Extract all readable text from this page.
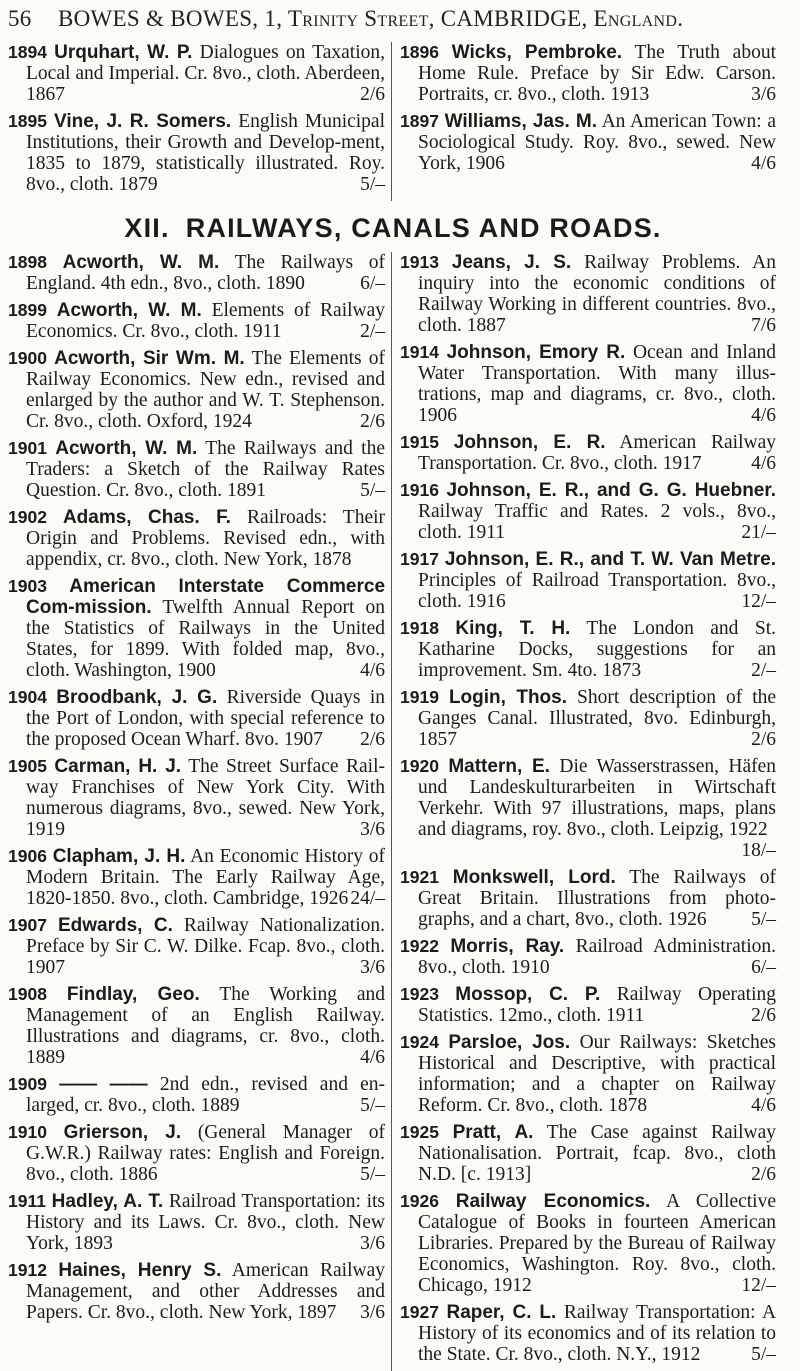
56	BOWES & BOWES, 1, Trinity Street, CAMBRIDGE, England.
1894 Urquhart, W. P. Dialogues on Taxation, Local and Imperial. Cr. 8vo., cloth. Aberdeen, 1867	2/6
1895 Vine, J. R. Somers. English Municipal Institutions, their Growth and Develop-ment, 1835 to 1879, statistically illustrated. Roy. 8vo., cloth. 1879	5/–
1896 Wicks, Pembroke. The Truth about Home Rule. Preface by Sir Edw. Carson. Portraits, cr. 8vo., cloth. 1913	3/6
1897 Williams, Jas. M. An American Town: a Sociological Study. Roy. 8vo., sewed. New York, 1906	4/6
XII. RAILWAYS, CANALS AND ROADS.
1898 Acworth, W. M. The Railways of England. 4th edn., 8vo., cloth. 1890	6/–
1899 Acworth, W. M. Elements of Railway Economics. Cr. 8vo., cloth. 1911	2/–
1900 Acworth, Sir Wm. M. The Elements of Railway Economics. New edn., revised and enlarged by the author and W. T. Stephenson. Cr. 8vo., cloth. Oxford, 1924	2/6
1901 Acworth, W. M. The Railways and the Traders: a Sketch of the Railway Rates Question. Cr. 8vo., cloth. 1891	5/–
1902 Adams, Chas. F. Railroads: Their Origin and Problems. Revised edn., with appendix, cr. 8vo., cloth. New York, 1878
1903 American Interstate Commerce Com-mission. Twelfth Annual Report on the Statistics of Railways in the United States, for 1899. With folded map, 8vo., cloth. Washington, 1900	4/6
1904 Broodbank, J. G. Riverside Quays in the Port of London, with special reference to the proposed Ocean Wharf. 8vo. 1907 2/6
1905 Carman, H. J. The Street Surface Rail-way Franchises of New York City. With numerous diagrams, 8vo., sewed. New York, 1919	3/6
1906 Clapham, J. H. An Economic History of Modern Britain. The Early Railway Age, 1820-1850. 8vo., cloth. Cambridge, 1926 24/–
1907 Edwards, C. Railway Nationalization. Preface by Sir C. W. Dilke. Fcap. 8vo., cloth. 1907	3/6
1908 Findlay, Geo. The Working and Management of an English Railway. Illustrations and diagrams, cr. 8vo., cloth. 1889	4/6
1909 —— —— 2nd edn., revised and en-larged, cr. 8vo., cloth. 1889	5/–
1910 Grierson, J. (General Manager of G.W.R.) Railway rates: English and Foreign. 8vo., cloth. 1886	5/–
1911 Hadley, A. T. Railroad Transportation: its History and its Laws. Cr. 8vo., cloth. New York, 1893	3/6
1912 Haines, Henry S. American Railway Management, and other Addresses and Papers. Cr. 8vo., cloth. New York, 1897 3/6
1913 Jeans, J. S. Railway Problems. An inquiry into the economic conditions of Railway Working in different countries. 8vo., cloth. 1887	7/6
1914 Johnson, Emory R. Ocean and Inland Water Transportation. With many illus-trations, map and diagrams, cr. 8vo., cloth. 1906	4/6
1915 Johnson, E. R. American Railway Transportation. Cr. 8vo., cloth. 1917	4/6
1916 Johnson, E. R., and G. G. Huebner. Railway Traffic and Rates. 2 vols., 8vo., cloth. 1911	21/–
1917 Johnson, E. R., and T. W. Van Metre. Principles of Railroad Transportation. 8vo., cloth. 1916	12/–
1918 King, T. H. The London and St. Katharine Docks, suggestions for an improvement. Sm. 4to. 1873	2/–
1919 Login, Thos. Short description of the Ganges Canal. Illustrated, 8vo. Edinburgh, 1857	2/6
1920 Mattern, E. Die Wasserstrassen, Häfen und Landeskulturarbeiten in Wirtschaft Verkehr. With 97 illustrations, maps, plans and diagrams, roy. 8vo., cloth. Leipzig, 1922
18/–
1921 Monkswell, Lord. The Railways of Great Britain. Illustrations from photo-graphs, and a chart, 8vo., cloth. 1926 5/–
1922 Morris, Ray. Railroad Administration. 8vo., cloth. 1910	6/–
1923 Mossop, C. P. Railway Operating Statistics. 12mo., cloth. 1911	2/6
1924 Parsloe, Jos. Our Railways: Sketches Historical and Descriptive, with practical information; and a chapter on Railway Reform. Cr. 8vo., cloth. 1878	4/6
1925 Pratt, A. The Case against Railway Nationalisation. Portrait, fcap. 8vo., cloth N.D. [c. 1913]	2/6
1926 Railway Economics. A Collective Catalogue of Books in fourteen American Libraries. Prepared by the Bureau of Railway Economics, Washington. Roy. 8vo., cloth. Chicago, 1912	12/–
1927 Raper, C. L. Railway Transportation: A History of its economics and of its relation to the State. Cr. 8vo., cloth. N.Y., 1912	5/–
